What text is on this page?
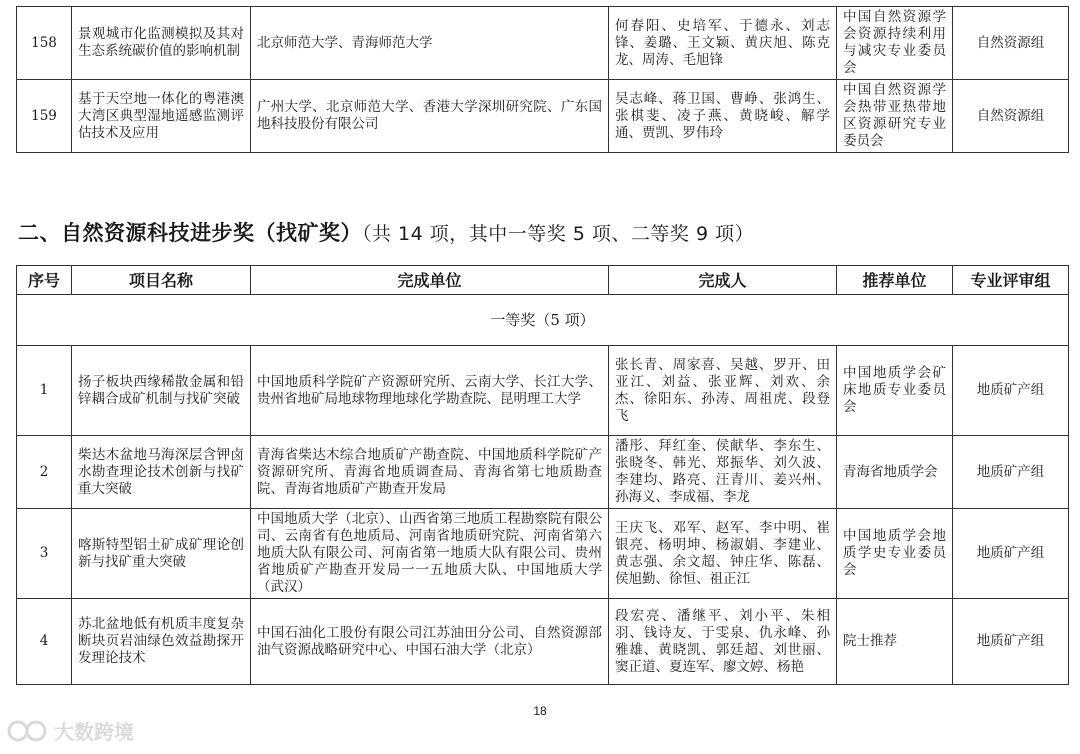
158	景观城市化监测模拟及其对生态系统碳价值的影响机制	北京师范大学、青海师范大学	何春阳、史培军、于德永、刘志锋、姜璐、王文颖、黄庆旭、陈克龙、周涛、毛旭锋	中国自然资源学会资源持续利用与减灾专业委员会	自然资源组
159	基于天空地一体化的粤港澳大湾区典型湿地遥感监测评估技术及应用	广州大学、北京师范大学、香港大学深圳研究院、广东国地科技股份有限公司	吴志峰、蒋卫国、曹峥、张鸿生、张棋斐、凌子燕、黄晓峻、解学通、贾凯、罗伟玲	中国自然资源学会热带亚热带地区资源研究专业委员会	自然资源组
二、自然资源科技进步奖（找矿奖）（共 14 项，其中一等奖 5 项、二等奖 9 项）
序号	项目名称	完成单位	完成人	推荐单位	专业评审组
一等奖（5 项）					
1	扬子板块西缘稀散金属和铅锌耦合成矿机制与找矿突破	中国地质科学院矿产资源研究所、云南大学、长江大学、贵州省地矿局地球物理地球化学勘查院、昆明理工大学	张长青、周家喜、吴越、罗开、田亚江、刘益、张亚辉、刘欢、余杰、徐阳东、孙涛、周祖虎、段登飞	中国地质学会矿床地质专业委员会	地质矿产组
2	柴达木盆地马海深层含钾卤水勘查理论技术创新与找矿重大突破	青海省柴达木综合地质矿产勘查院、中国地质科学院矿产资源研究所、青海省地质调查局、青海省第七地质勘查院、青海省地质矿产勘查开发局	潘彤、拜红奎、侯献华、李东生、张晓冬、韩光、郑振华、刘久波、李建均、路亮、汪青川、姜兴州、孙海义、李成福、李龙	青海省地质学会	地质矿产组
3	喀斯特型铝土矿成矿理论创新与找矿重大突破	中国地质大学（北京）、山西省第三地质工程勘察院有限公司、云南省有色地质局、河南省地质研究院、河南省第六地质大队有限公司、河南省第一地质大队有限公司、贵州省地质矿产勘查开发局一一五地质大队、中国地质大学（武汉）	王庆飞、邓军、赵军、李中明、崔银亮、杨明坤、杨淑娟、李建业、黄志强、余文超、钟庄华、陈磊、侯旭勤、徐恒、祖正江	中国地质学会地质学史专业委员会	地质矿产组
4	苏北盆地低有机质丰度复杂断块页岩油绿色效益勘探开发理论技术	中国石油化工股份有限公司江苏油田分公司、自然资源部油气资源战略研究中心、中国石油大学（北京）	段宏亮、潘继平、刘小平、朱相羽、钱诗友、于雯泉、仇永峰、孙雅雄、黄晓凯、郭廷超、刘世丽、窦正道、夏连军、廖文婷、杨艳	院士推荐	地质矿产组
18
大数跨境
